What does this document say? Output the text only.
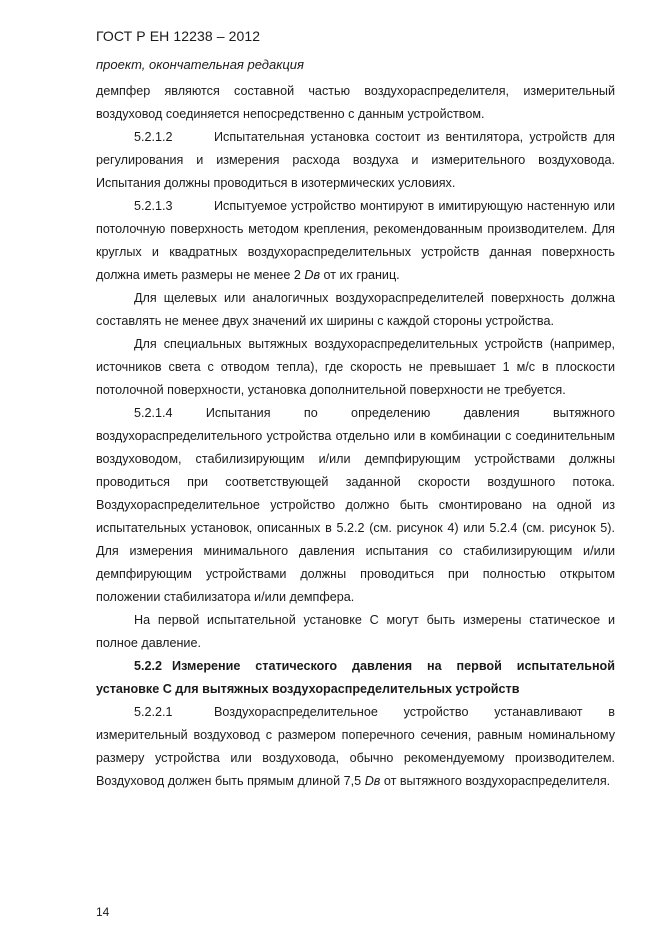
ГОСТ Р ЕН 12238 – 2012
проект, окончательная редакция

демпфер являются составной частью воздухораспределителя, измерительный воздуховод соединяется непосредственно с данным устройством.

5.2.1.2	Испытательная установка состоит из вентилятора, устройств для регулирования и измерения расхода воздуха и измерительного воздуховода. Испытания должны проводиться в изотермических условиях.

5.2.1.3	Испытуемое устройство монтируют в имитирующую настенную или потолочную поверхность методом крепления, рекомендованным производителем. Для круглых и квадратных воздухораспределительных устройств данная поверхность должна иметь размеры не менее 2 Dв от их границ.

Для щелевых или аналогичных воздухораспределителей поверхность должна составлять не менее двух значений их ширины с каждой стороны устройства.

Для специальных вытяжных воздухораспределительных устройств (например, источников света с отводом тепла), где скорость не превышает 1 м/с в плоскости потолочной поверхности, установка дополнительной поверхности не требуется.

5.2.1.4	Испытания по определению давления вытяжного воздухораспределительного устройства отдельно или в комбинации с соединительным воздуховодом, стабилизирующим и/или демпфирующим устройствами должны проводиться при соответствующей заданной скорости воздушного потока. Воздухораспределительное устройство должно быть смонтировано на одной из испытательных установок, описанных в 5.2.2 (см. рисунок 4) или 5.2.4 (см. рисунок 5). Для измерения минимального давления испытания со стабилизирующим и/или демпфирующим устройствами должны проводиться при полностью открытом положении стабилизатора и/или демпфера.

На первой испытательной установке С могут быть измерены статическое и полное давление.

5.2.2 Измерение статического давления на первой испытательной установке С для вытяжных воздухораспределительных устройств

5.2.2.1	Воздухораспределительное устройство устанавливают в измерительный воздуховод с размером поперечного сечения, равным номинальному размеру устройства или воздуховода, обычно рекомендуемому производителем. Воздуховод должен быть прямым длиной 7,5 Dв от вытяжного воздухораспределителя.

14
